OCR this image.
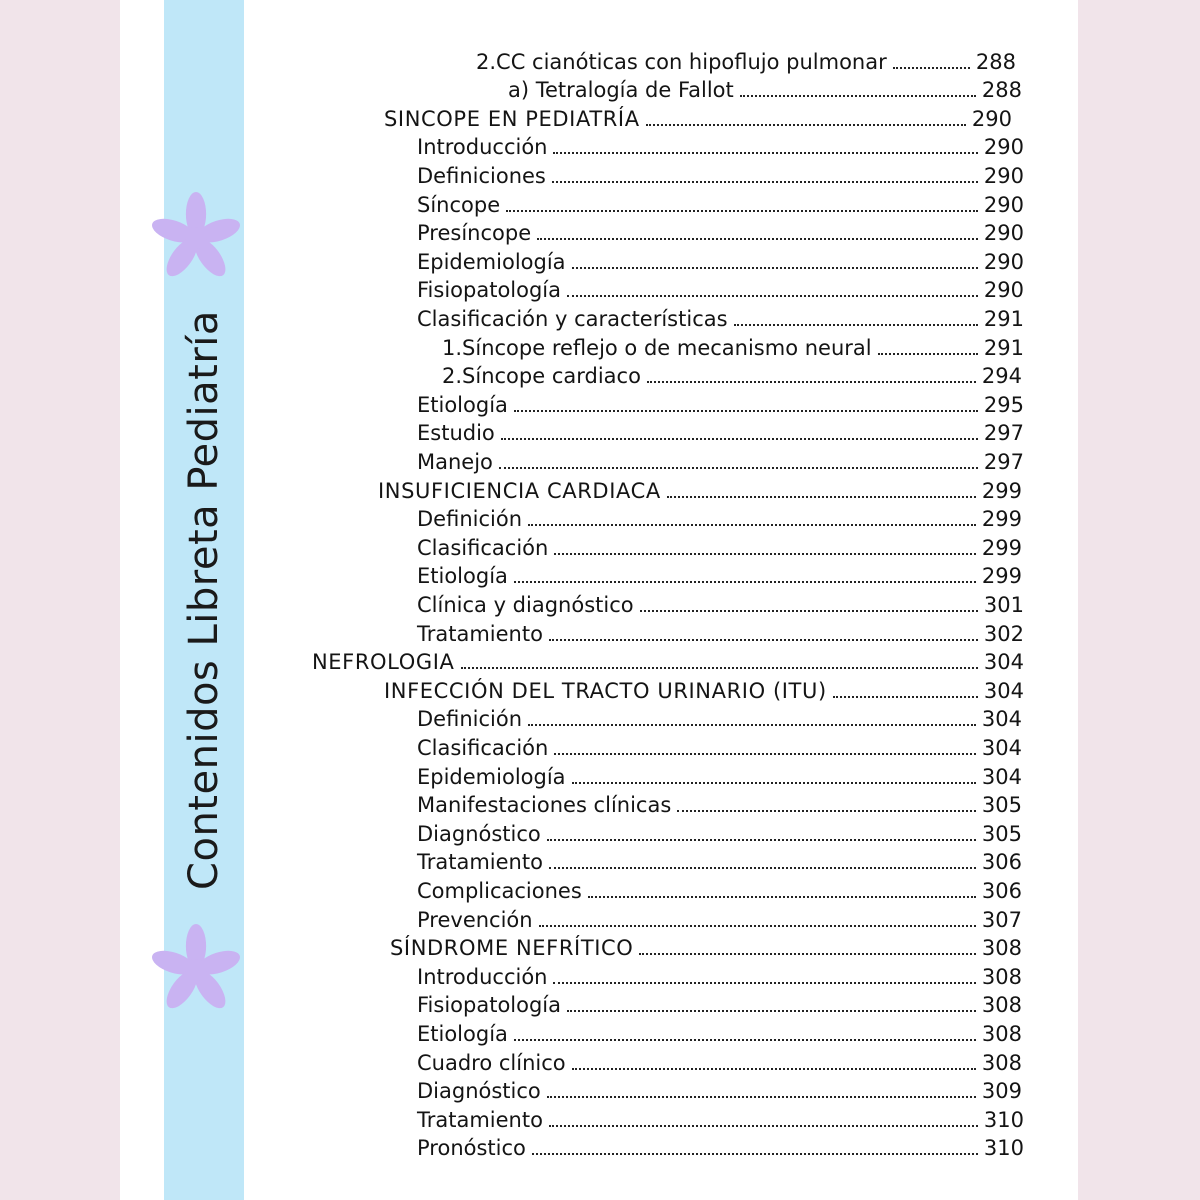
Contenidos Libreta Pediatría
2.CC cianóticas con hipoflujo pulmonar	288
a) Tetralogía de Fallot	288
SINCOPE EN PEDIATRÍA	290
Introducción	290
Definiciones	290
Síncope	290
Presíncope	290
Epidemiología	290
Fisiopatología	290
Clasificación y características	291
1.Síncope reflejo o de mecanismo neural	291
2.Síncope cardiaco	294
Etiología	295
Estudio	297
Manejo	297
INSUFICIENCIA CARDIACA	299
Definición	299
Clasificación	299
Etiología	299
Clínica y diagnóstico	301
Tratamiento	302
NEFROLOGIA	304
INFECCIÓN DEL TRACTO URINARIO (ITU)	304
Definición	304
Clasificación	304
Epidemiología	304
Manifestaciones clínicas	305
Diagnóstico	305
Tratamiento	306
Complicaciones	306
Prevención	307
SÍNDROME NEFRÍTICO	308
Introducción	308
Fisiopatología	308
Etiología	308
Cuadro clínico	308
Diagnóstico	309
Tratamiento	310
Pronóstico	310
